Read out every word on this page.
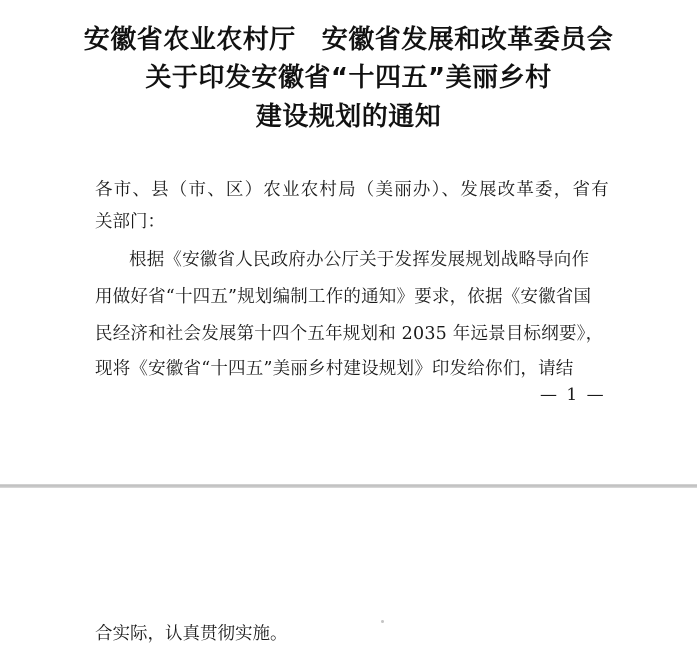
安徽省农业农村厅 安徽省发展和改革委员会
关于印发安徽省“十四五”美丽乡村
建设规划的通知
各市、县（市、区）农业农村局（美丽办）、发展改革委，省有
关部门：
根据《安徽省人民政府办公厅关于发挥发展规划战略导向作
用做好省“十四五”规划编制工作的通知》要求，依据《安徽省国
民经济和社会发展第十四个五年规划和 2035 年远景目标纲要》，
现将《安徽省“十四五”美丽乡村建设规划》印发给你们，请结
— 1 —
合实际，认真贯彻实施。
